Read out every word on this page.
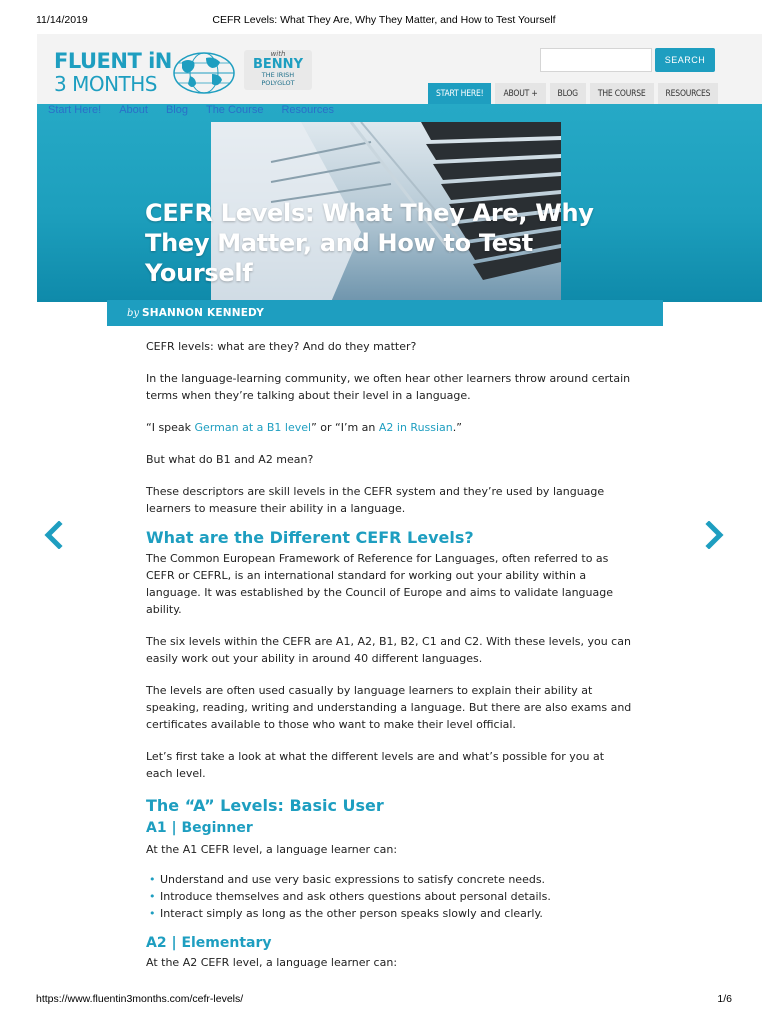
11/14/2019	CEFR Levels: What They Are, Why They Matter, and How to Test Yourself
FLUENT iN
3 MONTHS
with
BENNY
THE IRISH
POLYGLOT
SEARCH
START HERE!	ABOUT +	BLOG	THE COURSE	RESOURCES
CEFR Levels: What They Are, Why They Matter, and How to Test Yourself
Start Here! About Blog The Course Resources
by SHANNON KENNEDY

CEFR levels: what are they? And do they matter?

In the language-learning community, we often hear other learners throw around certain terms when they’re talking about their level in a language.

“I speak German at a B1 level” or “I’m an A2 in Russian.”

But what do B1 and A2 mean?

These descriptors are skill levels in the CEFR system and they’re used by language learners to measure their ability in a language.

What are the Different CEFR Levels?

The Common European Framework of Reference for Languages, often referred to as CEFR or CEFRL, is an international standard for working out your ability within a language. It was established by the Council of Europe and aims to validate language ability.

The six levels within the CEFR are A1, A2, B1, B2, C1 and C2. With these levels, you can easily work out your ability in around 40 different languages.

The levels are often used casually by language learners to explain their ability at speaking, reading, writing and understanding a language. But there are also exams and certificates available to those who want to make their level official.

Let’s first take a look at what the different levels are and what’s possible for you at each level.

The “A” Levels: Basic User
A1 | Beginner

At the A1 CEFR level, a language learner can:

• Understand and use very basic expressions to satisfy concrete needs.
• Introduce themselves and ask others questions about personal details.
• Interact simply as long as the other person speaks slowly and clearly.
A2 | Elementary

At the A2 CEFR level, a language learner can:

https://www.fluentin3months.com/cefr-levels/	1/6
